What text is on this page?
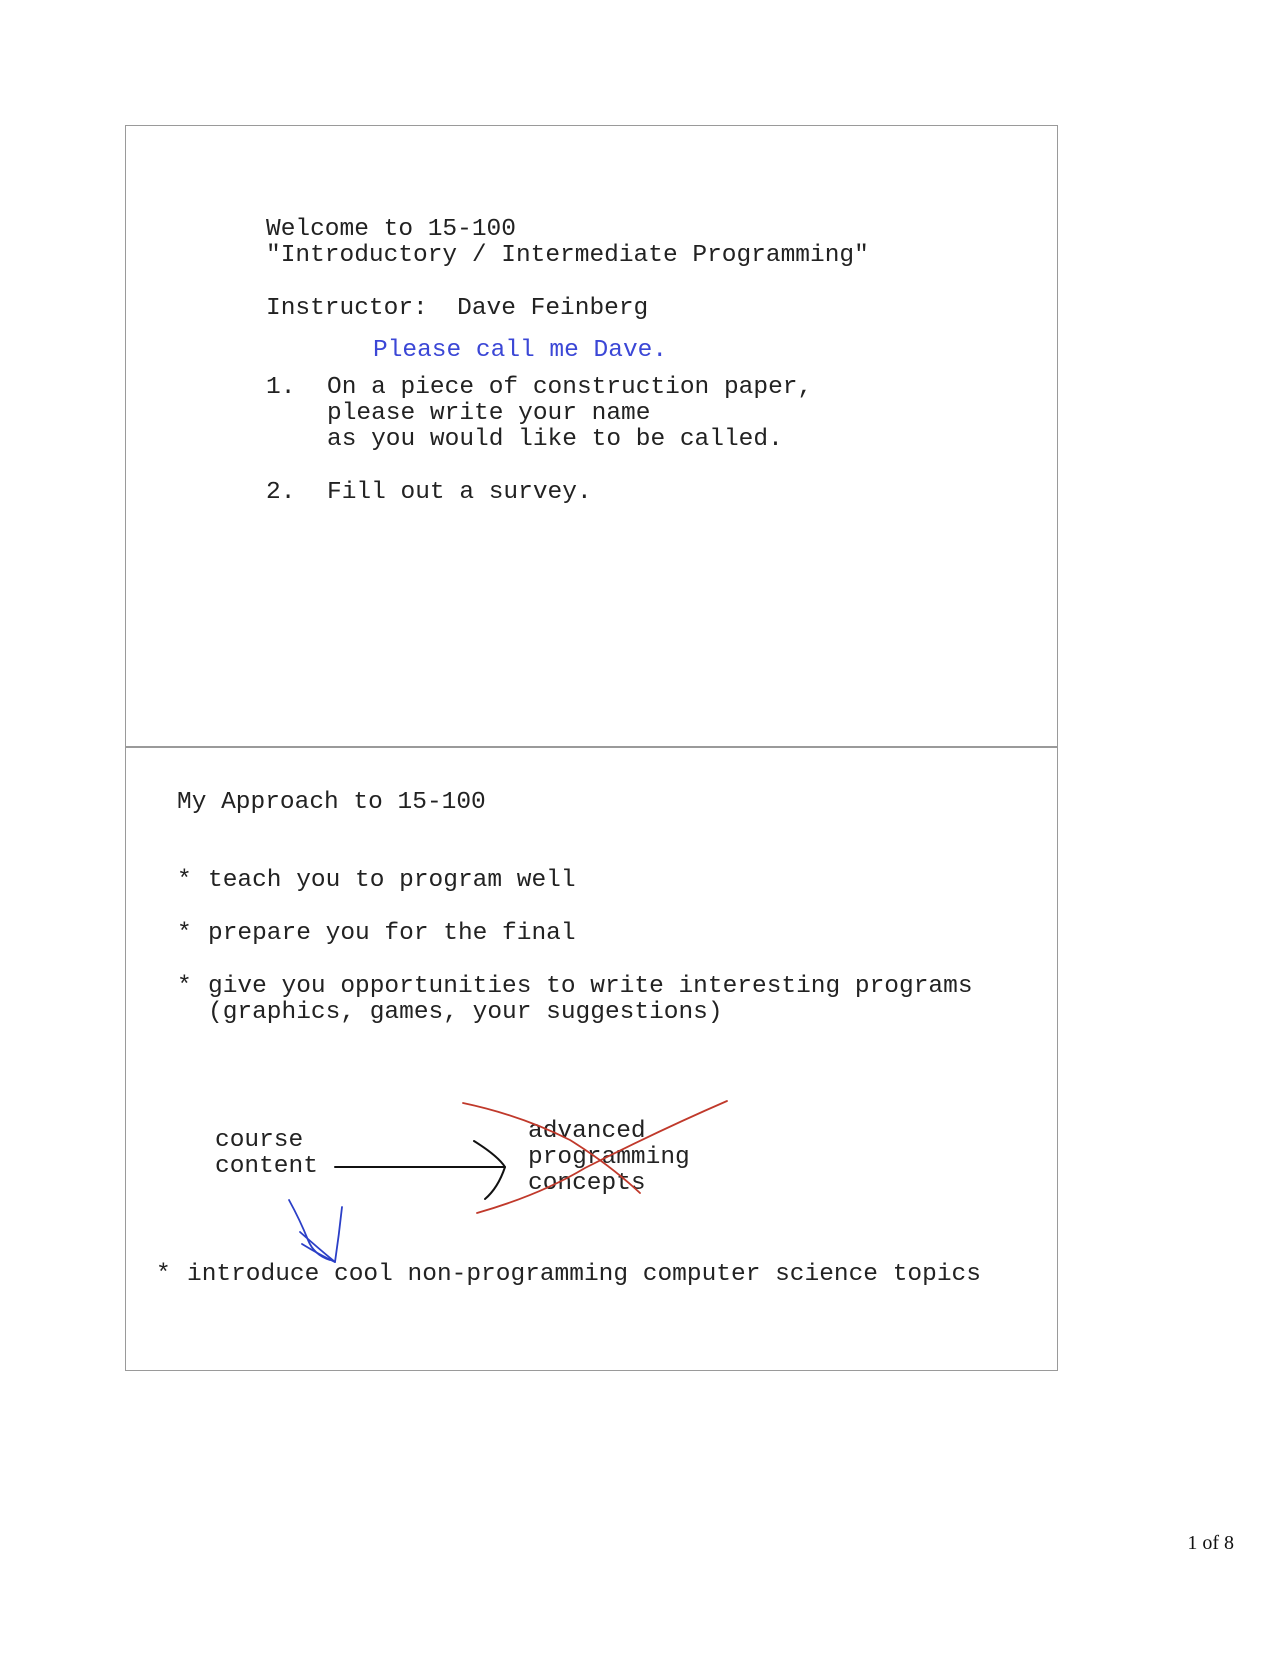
Welcome to 15-100
"Introductory / Intermediate Programming"
Instructor:  Dave Feinberg
Please call me Dave.
1. On a piece of construction paper,
please write your name
as you would like to be called.
2. Fill out a survey.
My Approach to 15-100
* teach you to program well
* prepare you for the final
* give you opportunities to write interesting programs
(graphics, games, your suggestions)
course
content
advanced
programming
concepts
* introduce cool non-programming computer science topics
1 of 8
